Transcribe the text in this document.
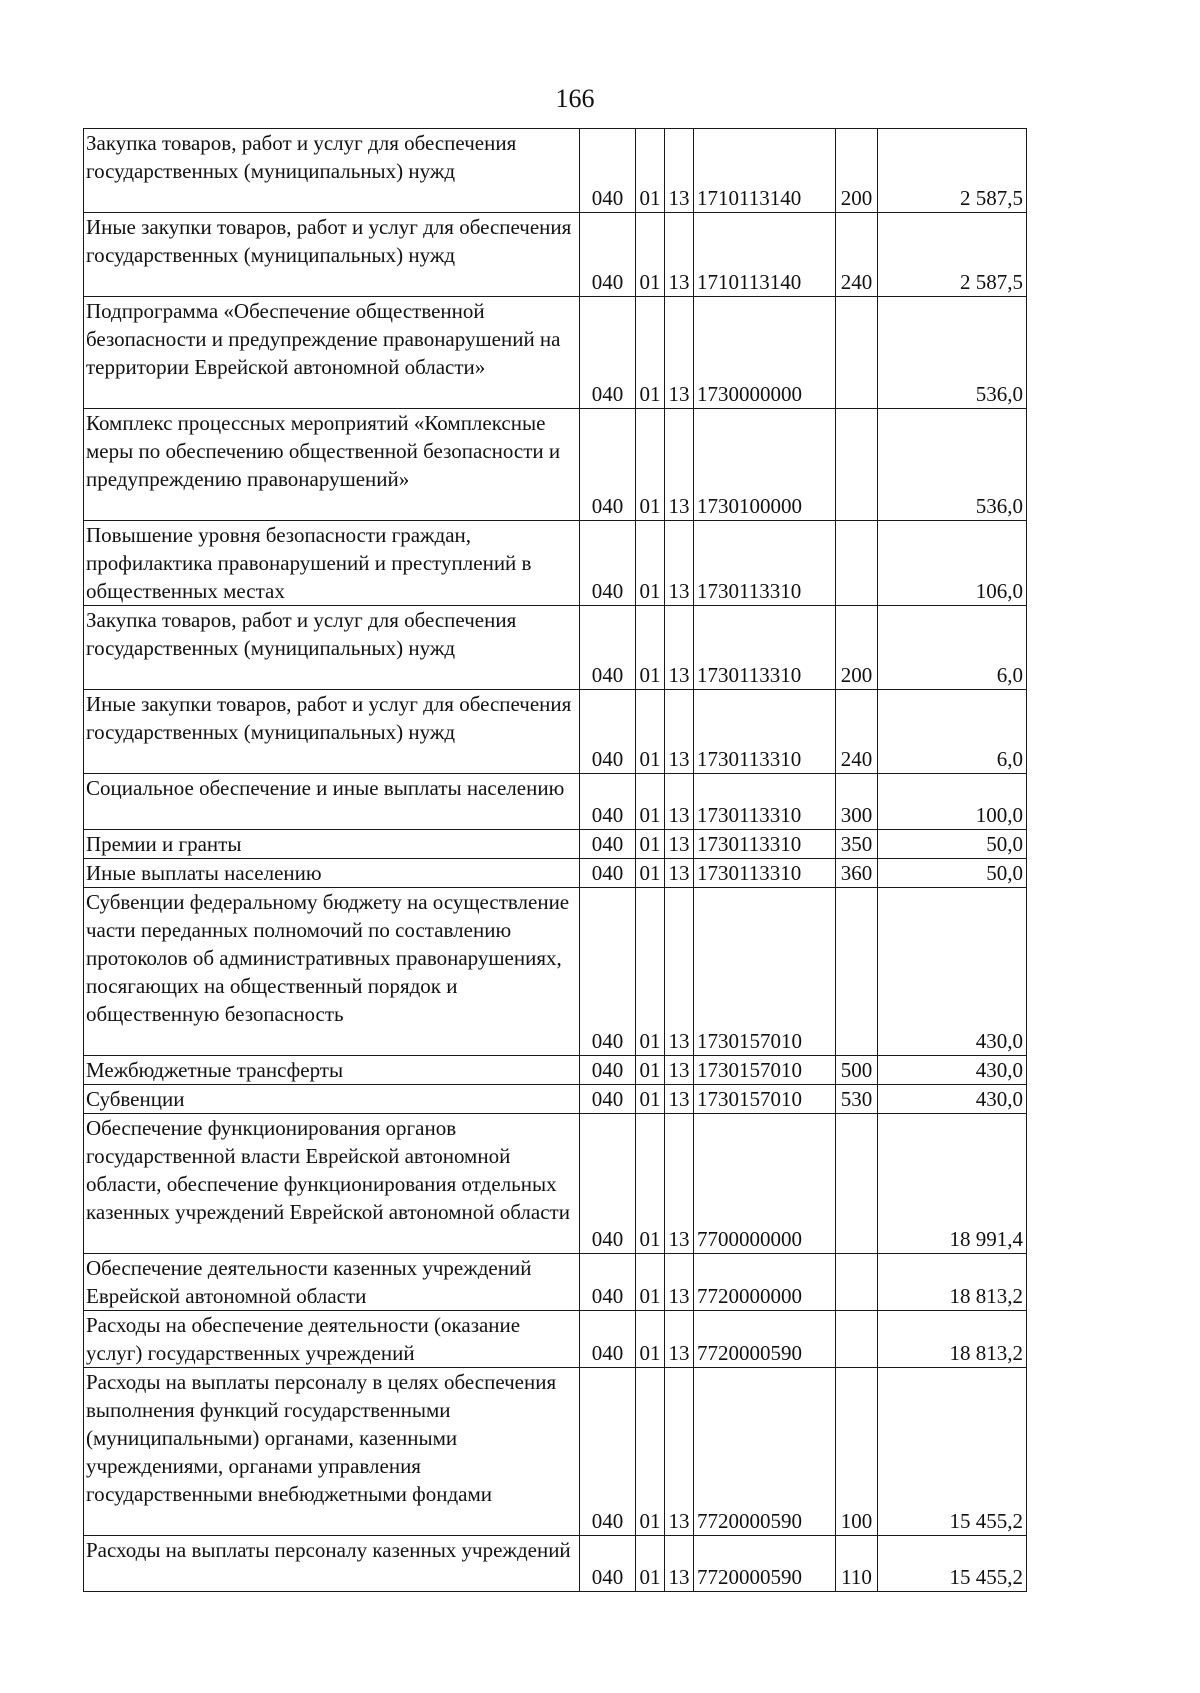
166
Закупка товаров, работ и услуг для обеспечения государственных (муниципальных) нужд	040	01	13	1710113140	200	2 587,5
Иные закупки товаров, работ и услуг для обеспечения государственных (муниципальных) нужд	040	01	13	1710113140	240	2 587,5
Подпрограмма «Обеспечение общественной безопасности и предупреждение правонарушений на территории Еврейской автономной области»	040	01	13	1730000000		536,0
Комплекс процессных мероприятий «Комплексные меры по обеспечению общественной безопасности и предупреждению правонарушений»	040	01	13	1730100000		536,0
Повышение уровня безопасности граждан, профилактика правонарушений и преступлений в общественных местах	040	01	13	1730113310		106,0
Закупка товаров, работ и услуг для обеспечения государственных (муниципальных) нужд	040	01	13	1730113310	200	6,0
Иные закупки товаров, работ и услуг для обеспечения государственных (муниципальных) нужд	040	01	13	1730113310	240	6,0
Социальное обеспечение и иные выплаты населению	040	01	13	1730113310	300	100,0
Премии и гранты	040	01	13	1730113310	350	50,0
Иные выплаты населению	040	01	13	1730113310	360	50,0
Субвенции федеральному бюджету на осуществление части переданных полномочий по составлению протоколов об административных правонарушениях, посягающих на общественный порядок и общественную безопасность	040	01	13	1730157010		430,0
Межбюджетные трансферты	040	01	13	1730157010	500	430,0
Субвенции	040	01	13	1730157010	530	430,0
Обеспечение функционирования органов государственной власти Еврейской автономной области, обеспечение функционирования отдельных казенных учреждений Еврейской автономной области	040	01	13	7700000000		18 991,4
Обеспечение деятельности казенных учреждений Еврейской автономной области	040	01	13	7720000000		18 813,2
Расходы на обеспечение деятельности (оказание услуг) государственных учреждений	040	01	13	7720000590		18 813,2
Расходы на выплаты персоналу в целях обеспечения выполнения функций государственными (муниципальными) органами, казенными учреждениями, органами управления государственными внебюджетными фондами	040	01	13	7720000590	100	15 455,2
Расходы на выплаты персоналу казенных учреждений	040	01	13	7720000590	110	15 455,2
